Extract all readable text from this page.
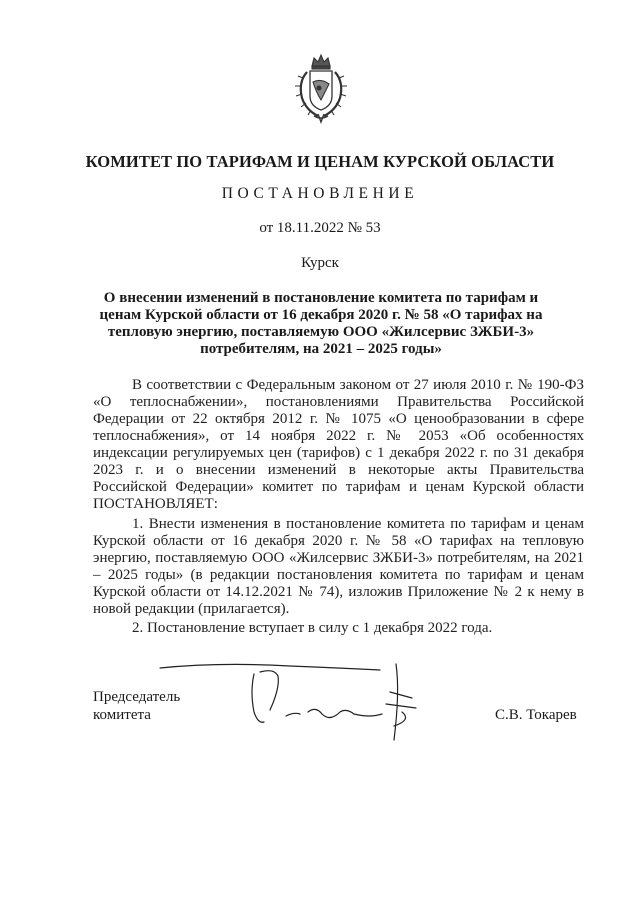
КОМИТЕТ ПО ТАРИФАМ И ЦЕНАМ КУРСКОЙ ОБЛАСТИ
ПОСТАНОВЛЕНИЕ
от 18.11.2022 № 53
Курск
О внесении изменений в постановление комитета по тарифам и ценам Курской области от 16 декабря 2020 г. № 58 «О тарифах на тепловую энергию, поставляемую ООО «Жилсервис ЗЖБИ-3» потребителям, на 2021 – 2025 годы»
В соответствии с Федеральным законом от 27 июля 2010 г. № 190-ФЗ «О теплоснабжении», постановлениями Правительства Российской Федерации от 22 октября 2012 г. № 1075 «О ценообразовании в сфере теплоснабжения», от 14 ноября 2022 г. № 2053 «Об особенностях индексации регулируемых цен (тарифов) с 1 декабря 2022 г. по 31 декабря 2023 г. и о внесении изменений в некоторые акты Правительства Российской Федерации» комитет по тарифам и ценам Курской области ПОСТАНОВЛЯЕТ:
1. Внести изменения в постановление комитета по тарифам и ценам Курской области от 16 декабря 2020 г. № 58 «О тарифах на тепловую энергию, поставляемую ООО «Жилсервис ЗЖБИ-3» потребителям, на 2021 – 2025 годы» (в редакции постановления комитета по тарифам и ценам Курской области от 14.12.2021 № 74), изложив Приложение № 2 к нему в новой редакции (прилагается).
2. Постановление вступает в силу с 1 декабря 2022 года.
Председатель
комитета	С.В. Токарев
